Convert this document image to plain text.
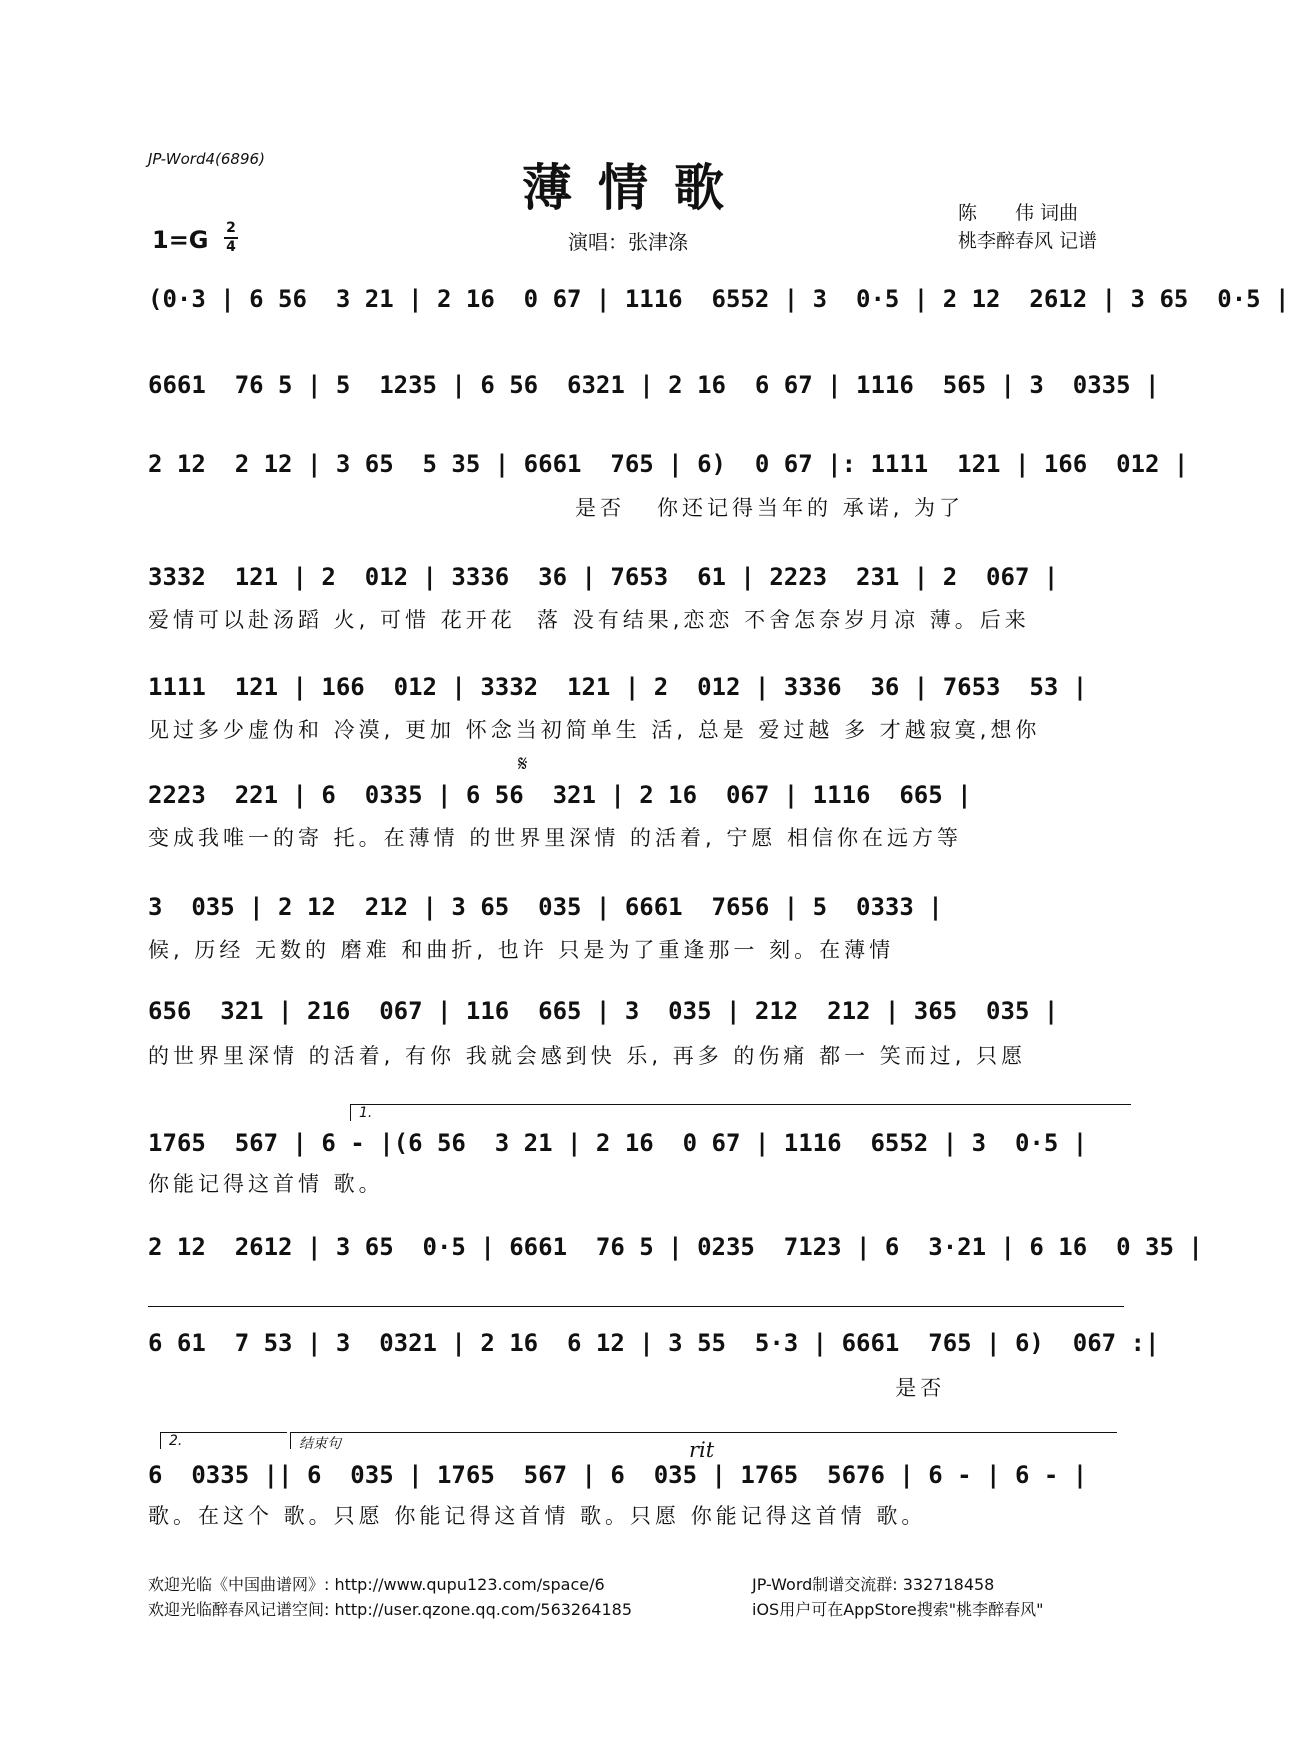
JP-Word4(6896)	薄情歌
1=G 2
4	演唱：张津涤
陈　　伟 词曲
桃李醉春风 记谱
(0·3 | 6 56  3 21 | 2 16  0 67 | 1116  6552 | 3  0·5 | 2 12  2612 | 3 65  0·5 |
6661  76 5 | 5  1235 | 6 56  6321 | 2 16  6 67 | 1116  565 | 3  0335 |
2 12  2 12 | 3 65  5 35 | 6661  765 | 6)  0 67 |: 1111  121 | 166  012 |
是否   你还记得当年的 承诺, 为了
3332  121 | 2  012 | 3336  36 | 7653  61 | 2223  231 | 2  067 |
爱情可以赴汤蹈 火, 可惜 花开花  落 没有结果,恋恋 不舍怎奈岁月凉 薄。后来
1111  121 | 166  012 | 3332  121 | 2  012 | 3336  36 | 7653  53 |
见过多少虚伪和 冷漠, 更加 怀念当初简单生 活, 总是 爱过越 多 才越寂寞,想你
𝄋
2223  221 | 6  0335 | 6 56  321 | 2 16  067 | 1116  665 |
变成我唯一的寄 托。在薄情 的世界里深情 的活着, 宁愿 相信你在远方等
3  035 | 2 12  212 | 3 65  035 | 6661  7656 | 5  0333 |
候, 历经 无数的 磨难 和曲折, 也许 只是为了重逢那一 刻。在薄情
656  321 | 216  067 | 116  665 | 3  035 | 212  212 | 365  035 |
的世界里深情 的活着, 有你 我就会感到快 乐, 再多 的伤痛 都一 笑而过, 只愿
1.
1765  567 | 6 - |(6 56  3 21 | 2 16  0 67 | 1116  6552 | 3  0·5 |
你能记得这首情 歌。
2 12  2612 | 3 65  0·5 | 6661  76 5 | 0235  7123 | 6  3·21 | 6 16  0 35 |
6 61  7 53 | 3  0321 | 2 16  6 12 | 3 55  5·3 | 6661  765 | 6)  067 :|
是否
2.	结束句	rit
6  0335 || 6  035 | 1765  567 | 6  035 | 1765  5676 | 6 - | 6 - |
歌。在这个 歌。只愿 你能记得这首情 歌。只愿 你能记得这首情 歌。
欢迎光临《中国曲谱网》: http://www.qupu123.com/space/6	JP-Word制谱交流群: 332718458
欢迎光临醉春风记谱空间: http://user.qzone.qq.com/563264185	iOS用户可在AppStore搜索"桃李醉春风"
